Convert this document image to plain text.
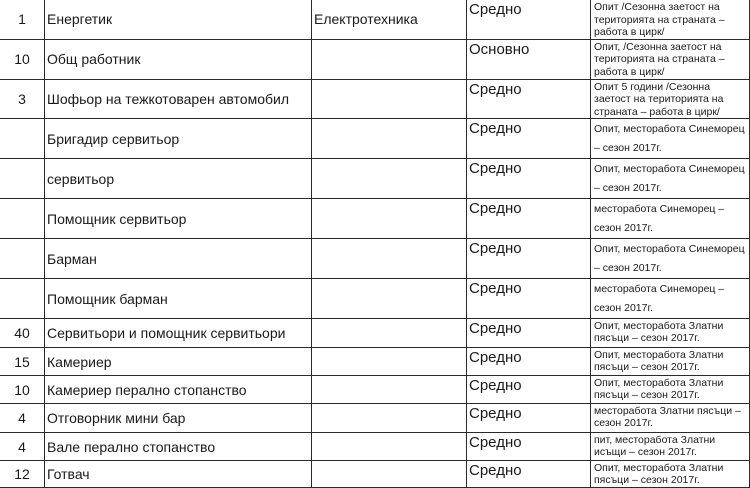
1	Енергетик	Електротехника	Средно	Опит /Сезонна заетост на територията на страната – работа в цирк/
10	Общ работник		Основно	Опит, /Сезонна заетост на територията на страната – работа в цирк/
3	Шофьор на тежкотоварен автомобил		Средно	Опит 5 години /Сезонна заетост на територията на страната – работа в цирк/
	Бригадир сервитьор		Средно	Опит, месторабота Синеморец – сезон 2017г.
	сервитьор		Средно	Опит, месторабота Синеморец – сезон 2017г.
	Помощник сервитьор		Средно	месторабота Синеморец – сезон 2017г.
	Барман		Средно	Опит, месторабота Синеморец – сезон 2017г.
	Помощник барман		Средно	месторабота Синеморец – сезон 2017г.
40	Сервитьори и помощник сервитьори		Средно	Опит, месторабота Златни пясъци – сезон 2017г.
15	Камериер		Средно	Опит, месторабота Златни пясъци – сезон 2017г.
10	Камериер перално стопанство		Средно	Опит, месторабота Златни пясъци – сезон 2017г.
4	Отговорник мини бар		Средно	месторабота Златни пясъци – сезон 2017г.
4	Вале перално стопанство		Средно	пит, месторабота Златни исъщи – сезон 2017г.
12	Готвач		Средно	Опит, месторабота Златни пясъци – сезон 2017г.
